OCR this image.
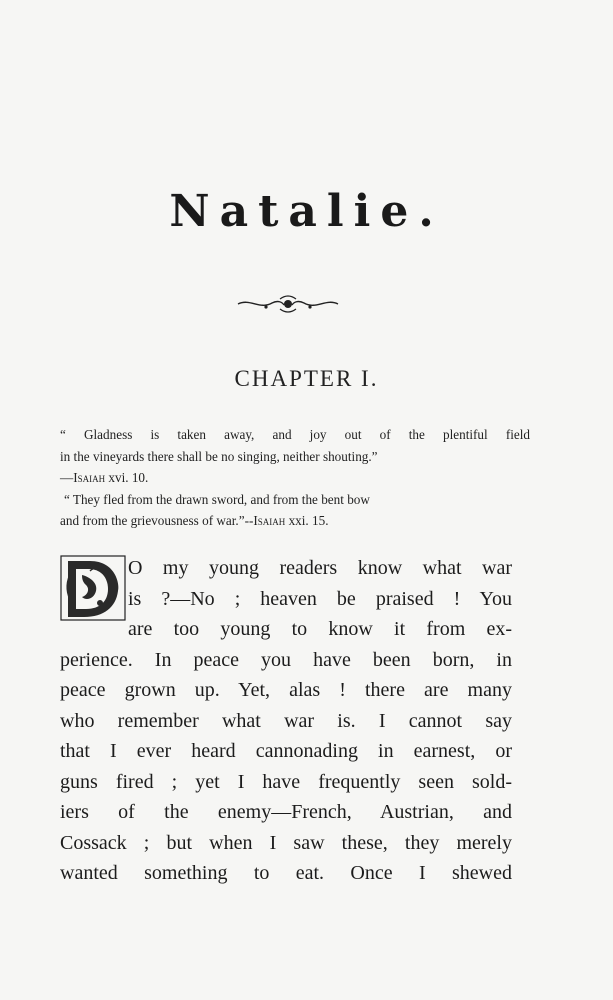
Natalie.
CHAPTER I.
“ Gladness is taken away, and joy out of the plentiful field
in the vineyards there shall be no singing, neither shouting.”
—Isaiah xvi. 10.
“ They fled from the drawn sword, and from the bent bow
and from the grievousness of war.”--Isaiah xxi. 15.
O my young readers know what war
is ?—No ; heaven be praised ! You
are too young to know it from ex-
perience. In peace you have been born, in
peace grown up. Yet, alas ! there are many
who remember what war is. I cannot say
that I ever heard cannonading in earnest, or
guns fired ; yet I have frequently seen sold-
iers of the enemy—French, Austrian, and
Cossack ; but when I saw these, they merely
wanted something to eat. Once I shewed
